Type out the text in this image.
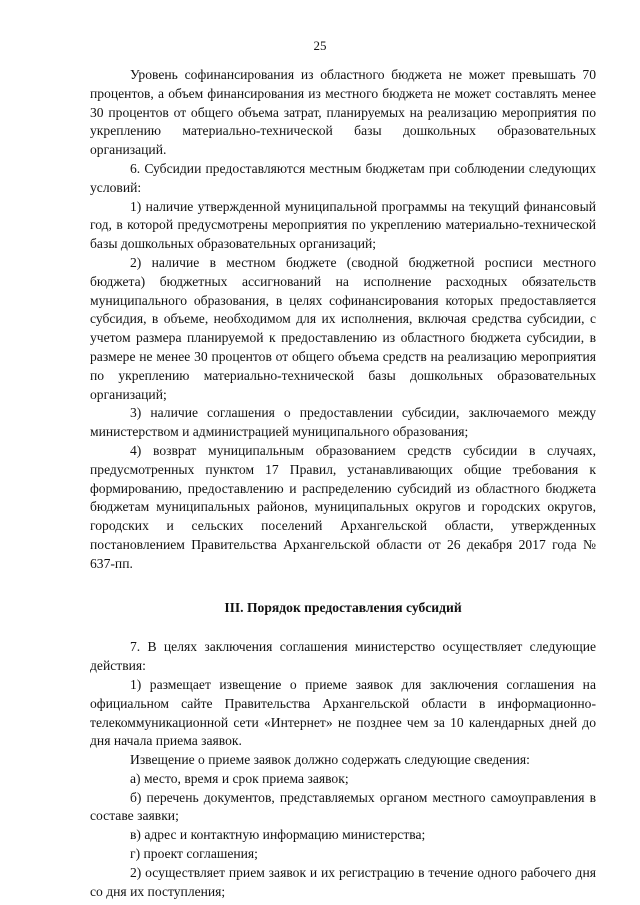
25

Уровень софинансирования из областного бюджета не может превышать 70 процентов, а объем финансирования из местного бюджета не может составлять менее 30 процентов от общего объема затрат, планируемых на реализацию мероприятия по укреплению материально-технической базы дошкольных образовательных организаций.

6. Субсидии предоставляются местным бюджетам при соблюдении следующих условий:

1) наличие утвержденной муниципальной программы на текущий финансовый год, в которой предусмотрены мероприятия по укреплению материально-технической базы дошкольных образовательных организаций;

2) наличие в местном бюджете (сводной бюджетной росписи местного бюджета) бюджетных ассигнований на исполнение расходных обязательств муниципального образования, в целях софинансирования которых предоставляется субсидия, в объеме, необходимом для их исполнения, включая средства субсидии, с учетом размера планируемой к предоставлению из областного бюджета субсидии, в размере не менее 30 процентов от общего объема средств на реализацию мероприятия по укреплению материально-технической базы дошкольных образовательных организаций;

3) наличие соглашения о предоставлении субсидии, заключаемого между министерством и администрацией муниципального образования;

4) возврат муниципальным образованием средств субсидии в случаях, предусмотренных пунктом 17 Правил, устанавливающих общие требования к формированию, предоставлению и распределению субсидий из областного бюджета бюджетам муниципальных районов, муниципальных округов и городских округов, городских и сельских поселений Архангельской области, утвержденных постановлением Правительства Архангельской области от 26 декабря 2017 года № 637-пп.

III. Порядок предоставления субсидий

7. В целях заключения соглашения министерство осуществляет следующие действия:

1) размещает извещение о приеме заявок для заключения соглашения на официальном сайте Правительства Архангельской области в информационно-телекоммуникационной сети «Интернет» не позднее чем за 10 календарных дней до дня начала приема заявок.

Извещение о приеме заявок должно содержать следующие сведения:

а) место, время и срок приема заявок;

б) перечень документов, представляемых органом местного самоуправления в составе заявки;

в) адрес и контактную информацию министерства;

г) проект соглашения;

2) осуществляет прием заявок и их регистрацию в течение одного рабочего дня со дня их поступления;
